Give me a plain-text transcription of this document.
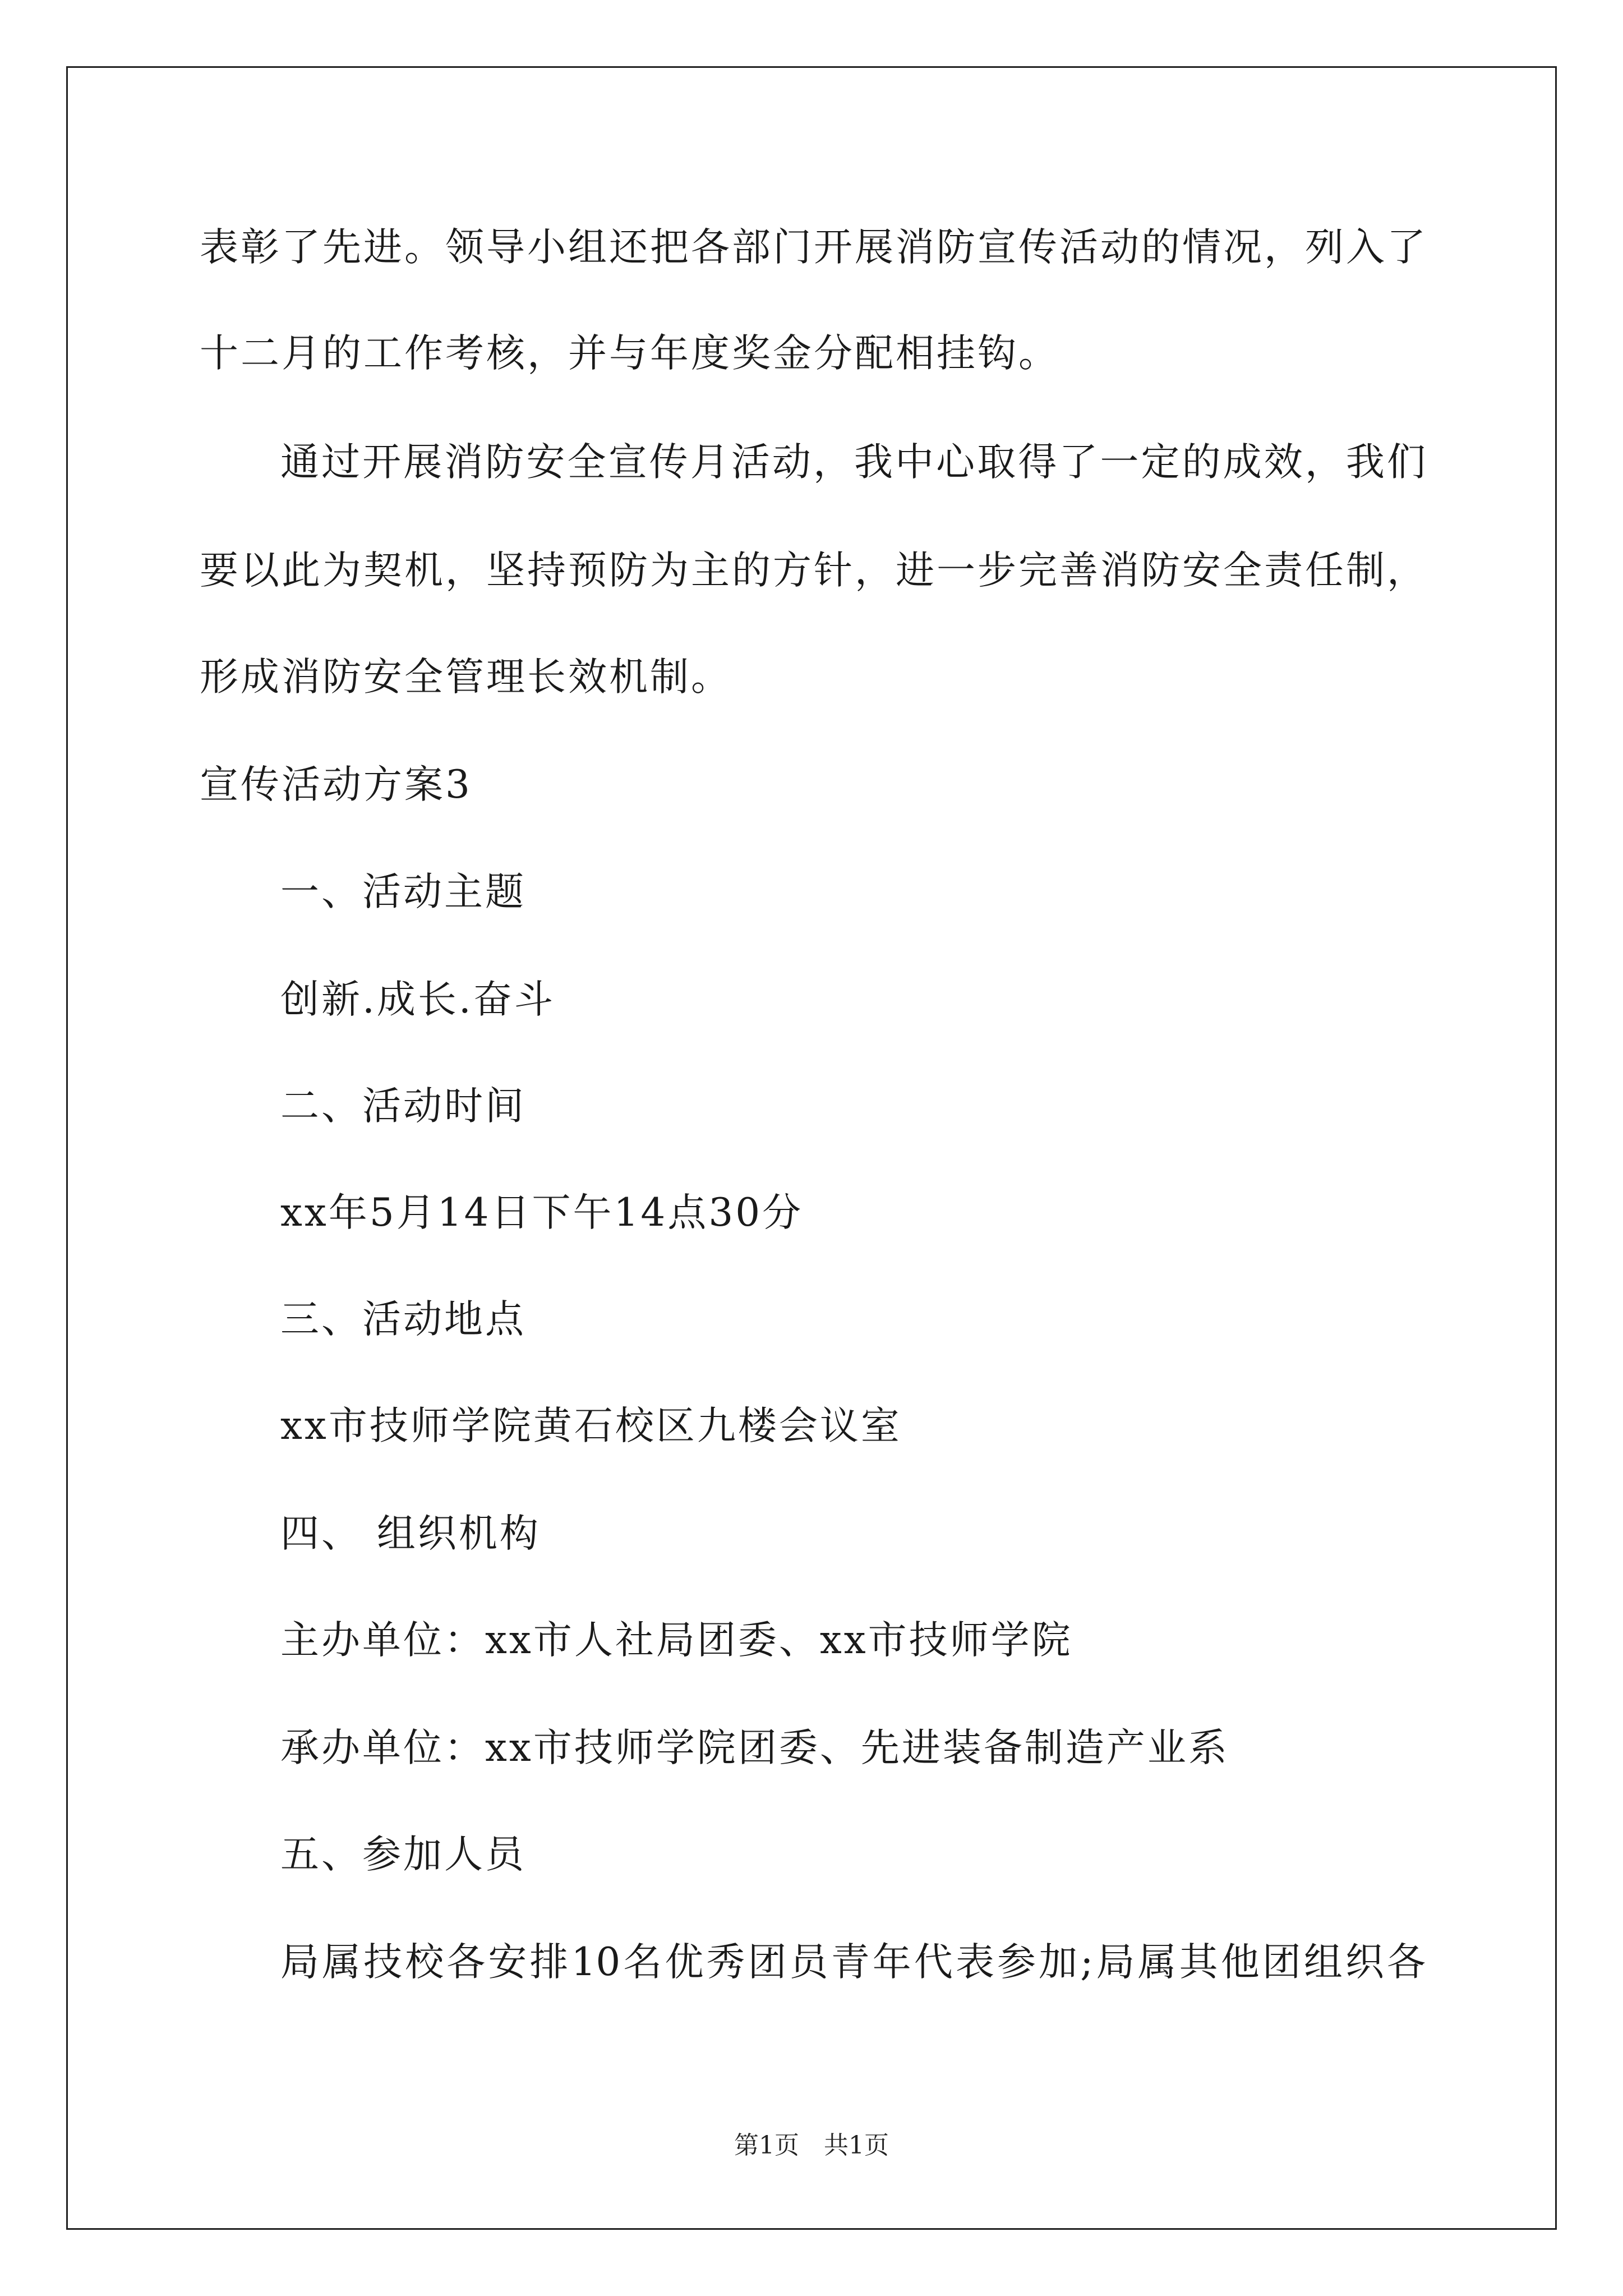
表彰了先进。领导小组还把各部门开展消防宣传活动的情况，列入了
十二月的工作考核，并与年度奖金分配相挂钩。
通过开展消防安全宣传月活动，我中心取得了一定的成效，我们
要以此为契机，坚持预防为主的方针，进一步完善消防安全责任制，
形成消防安全管理长效机制。
宣传活动方案3
一、活动主题
创新.成长.奋斗
二、活动时间
xx年5月14日下午14点30分
三、活动地点
xx市技师学院黄石校区九楼会议室
四、 组织机构
主办单位：xx市人社局团委、xx市技师学院
承办单位：xx市技师学院团委、先进装备制造产业系
五、参加人员
局属技校各安排10名优秀团员青年代表参加;局属其他团组织各
第1页 共1页
